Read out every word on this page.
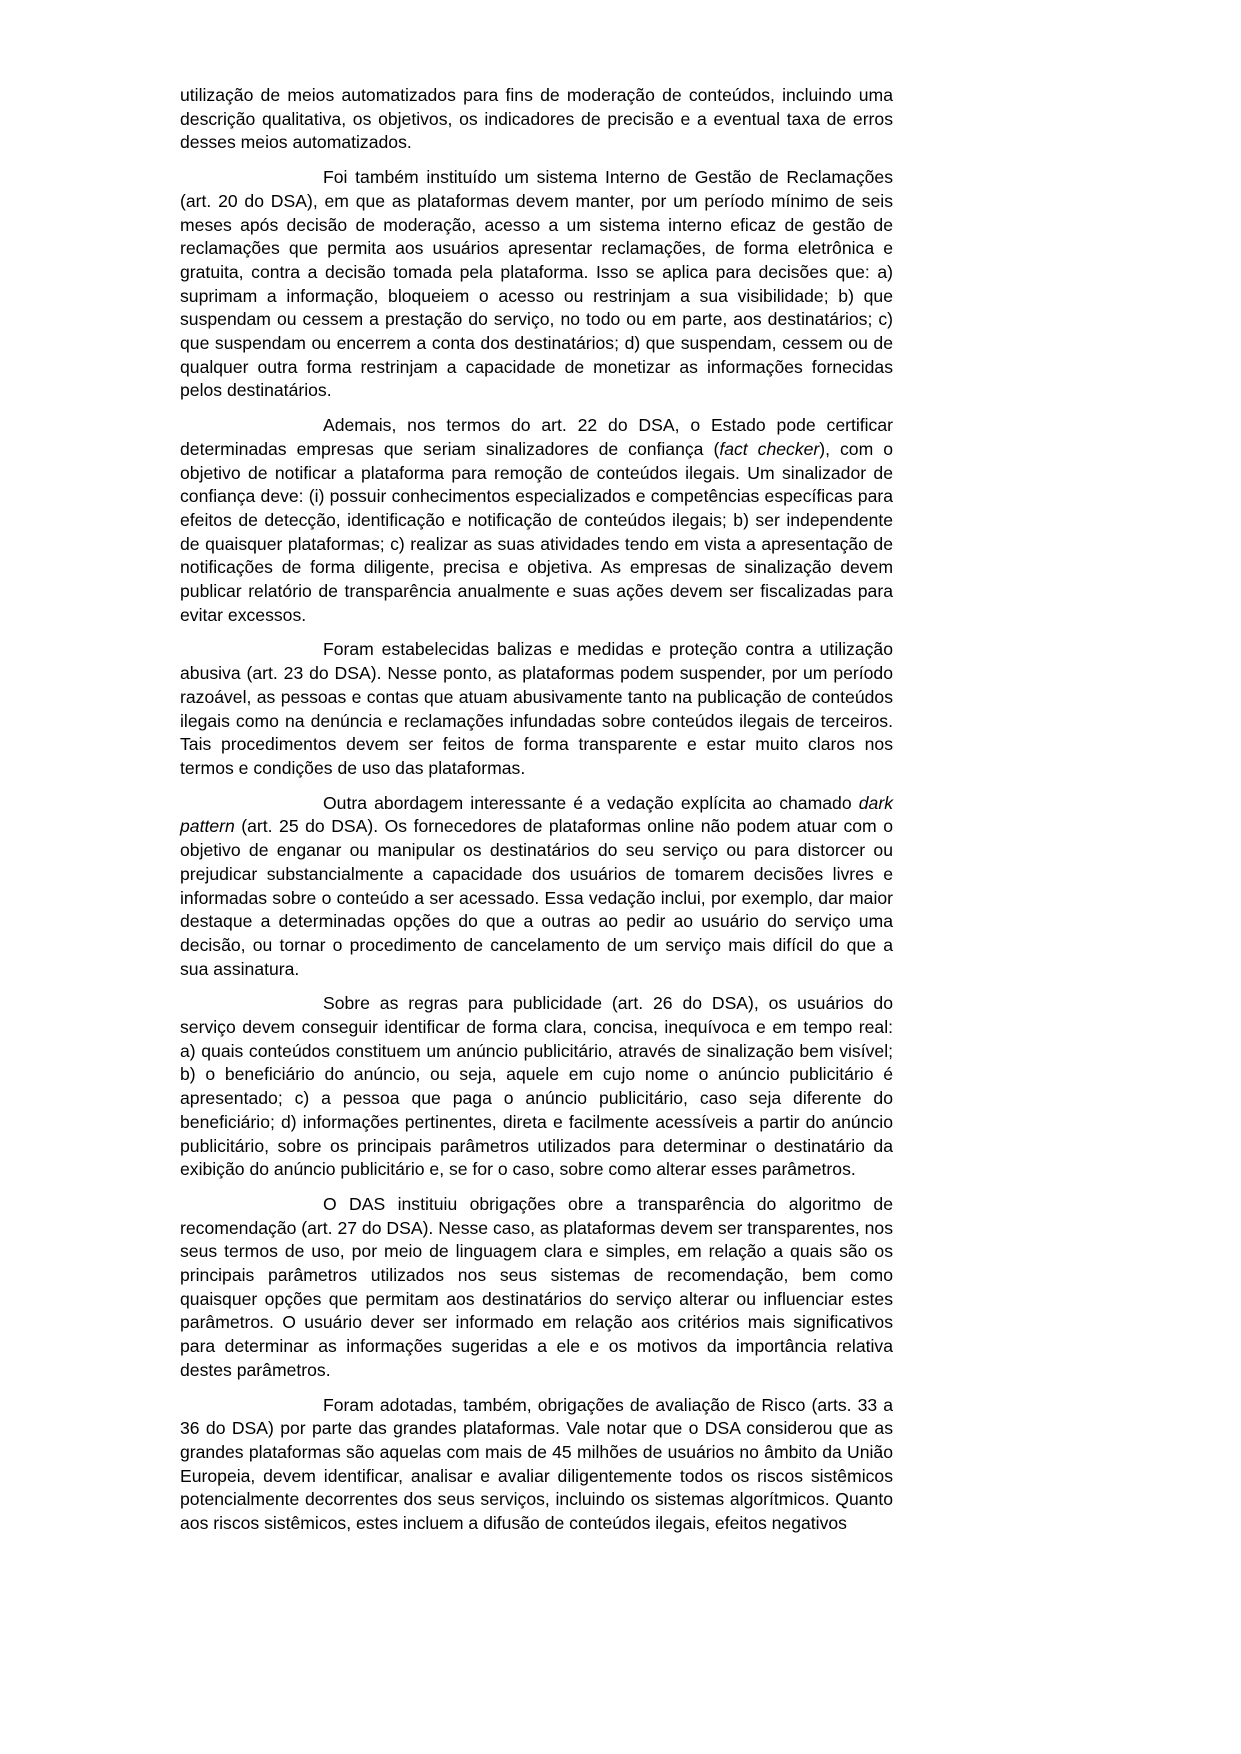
utilização de meios automatizados para fins de moderação de conteúdos, incluindo uma descrição qualitativa, os objetivos, os indicadores de precisão e a eventual taxa de erros desses meios automatizados.

Foi também instituído um sistema Interno de Gestão de Reclamações (art. 20 do DSA), em que as plataformas devem manter, por um período mínimo de seis meses após decisão de moderação, acesso a um sistema interno eficaz de gestão de reclamações que permita aos usuários apresentar reclamações, de forma eletrônica e gratuita, contra a decisão tomada pela plataforma. Isso se aplica para decisões que: a) suprimam a informação, bloqueiem o acesso ou restrinjam a sua visibilidade; b) que suspendam ou cessem a prestação do serviço, no todo ou em parte, aos destinatários; c) que suspendam ou encerrem a conta dos destinatários; d) que suspendam, cessem ou de qualquer outra forma restrinjam a capacidade de monetizar as informações fornecidas pelos destinatários.

Ademais, nos termos do art. 22 do DSA, o Estado pode certificar determinadas empresas que seriam sinalizadores de confiança (fact checker), com o objetivo de notificar a plataforma para remoção de conteúdos ilegais. Um sinalizador de confiança deve: (i) possuir conhecimentos especializados e competências específicas para efeitos de detecção, identificação e notificação de conteúdos ilegais; b) ser independente de quaisquer plataformas; c) realizar as suas atividades tendo em vista a apresentação de notificações de forma diligente, precisa e objetiva. As empresas de sinalização devem publicar relatório de transparência anualmente e suas ações devem ser fiscalizadas para evitar excessos.

Foram estabelecidas balizas e medidas e proteção contra a utilização abusiva (art. 23 do DSA). Nesse ponto, as plataformas podem suspender, por um período razoável, as pessoas e contas que atuam abusivamente tanto na publicação de conteúdos ilegais como na denúncia e reclamações infundadas sobre conteúdos ilegais de terceiros. Tais procedimentos devem ser feitos de forma transparente e estar muito claros nos termos e condições de uso das plataformas.

Outra abordagem interessante é a vedação explícita ao chamado dark pattern (art. 25 do DSA). Os fornecedores de plataformas online não podem atuar com o objetivo de enganar ou manipular os destinatários do seu serviço ou para distorcer ou prejudicar substancialmente a capacidade dos usuários de tomarem decisões livres e informadas sobre o conteúdo a ser acessado. Essa vedação inclui, por exemplo, dar maior destaque a determinadas opções do que a outras ao pedir ao usuário do serviço uma decisão, ou tornar o procedimento de cancelamento de um serviço mais difícil do que a sua assinatura.

Sobre as regras para publicidade (art. 26 do DSA), os usuários do serviço devem conseguir identificar de forma clara, concisa, inequívoca e em tempo real: a) quais conteúdos constituem um anúncio publicitário, através de sinalização bem visível; b) o beneficiário do anúncio, ou seja, aquele em cujo nome o anúncio publicitário é apresentado; c) a pessoa que paga o anúncio publicitário, caso seja diferente do beneficiário; d) informações pertinentes, direta e facilmente acessíveis a partir do anúncio publicitário, sobre os principais parâmetros utilizados para determinar o destinatário da exibição do anúncio publicitário e, se for o caso, sobre como alterar esses parâmetros.

O DAS instituiu obrigações obre a transparência do algoritmo de recomendação (art. 27 do DSA). Nesse caso, as plataformas devem ser transparentes, nos seus termos de uso, por meio de linguagem clara e simples, em relação a quais são os principais parâmetros utilizados nos seus sistemas de recomendação, bem como quaisquer opções que permitam aos destinatários do serviço alterar ou influenciar estes parâmetros. O usuário dever ser informado em relação aos critérios mais significativos para determinar as informações sugeridas a ele e os motivos da importância relativa destes parâmetros.

Foram adotadas, também, obrigações de avaliação de Risco (arts. 33 a 36 do DSA) por parte das grandes plataformas. Vale notar que o DSA considerou que as grandes plataformas são aquelas com mais de 45 milhões de usuários no âmbito da União Europeia, devem identificar, analisar e avaliar diligentemente todos os riscos sistêmicos potencialmente decorrentes dos seus serviços, incluindo os sistemas algorítmicos. Quanto aos riscos sistêmicos, estes incluem a difusão de conteúdos ilegais, efeitos negativos
